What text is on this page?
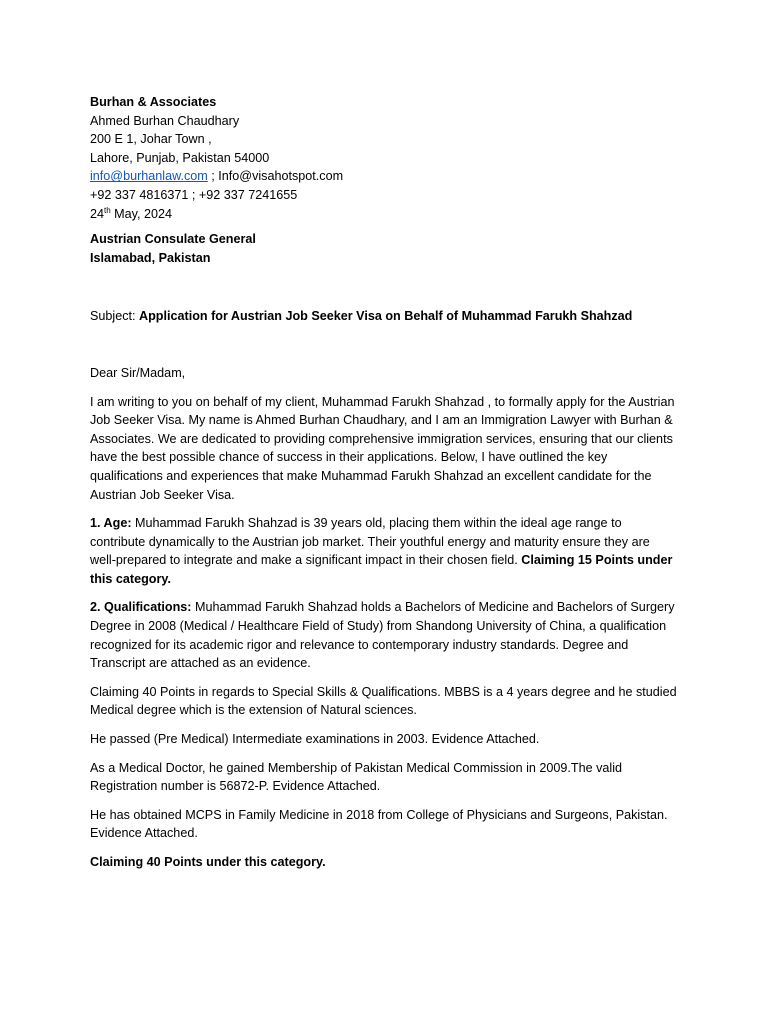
Burhan & Associates

Ahmed Burhan Chaudhary

200 E 1, Johar Town ,

Lahore, Punjab, Pakistan 54000

info@burhanlaw.com ; Info@visahotspot.com

+92 337 4816371 ; +92 337 7241655

24th May, 2024

Austrian Consulate General

Islamabad, Pakistan

Subject: Application for Austrian Job Seeker Visa on Behalf of Muhammad Farukh Shahzad

Dear Sir/Madam,

I am writing to you on behalf of my client, Muhammad Farukh Shahzad , to formally apply for the Austrian Job Seeker Visa. My name is Ahmed Burhan Chaudhary, and I am an Immigration Lawyer with Burhan & Associates. We are dedicated to providing comprehensive immigration services, ensuring that our clients have the best possible chance of success in their applications. Below, I have outlined the key qualifications and experiences that make Muhammad Farukh Shahzad an excellent candidate for the Austrian Job Seeker Visa.

1. Age: Muhammad Farukh Shahzad is 39 years old, placing them within the ideal age range to contribute dynamically to the Austrian job market. Their youthful energy and maturity ensure they are well-prepared to integrate and make a significant impact in their chosen field. Claiming 15 Points under this category.

2. Qualifications: Muhammad Farukh Shahzad holds a Bachelors of Medicine and Bachelors of Surgery Degree in 2008 (Medical / Healthcare Field of Study) from Shandong University of China, a qualification recognized for its academic rigor and relevance to contemporary industry standards. Degree and Transcript are attached as an evidence.

Claiming 40 Points in regards to Special Skills & Qualifications. MBBS is a 4 years degree and he studied Medical degree which is the extension of Natural sciences.

He passed (Pre Medical) Intermediate examinations in 2003. Evidence Attached.

As a Medical Doctor, he gained Membership of Pakistan Medical Commission in 2009.The valid Registration number is 56872-P. Evidence Attached.

He has obtained MCPS in Family Medicine in 2018 from College of Physicians and Surgeons, Pakistan. Evidence Attached.

Claiming 40 Points under this category.
